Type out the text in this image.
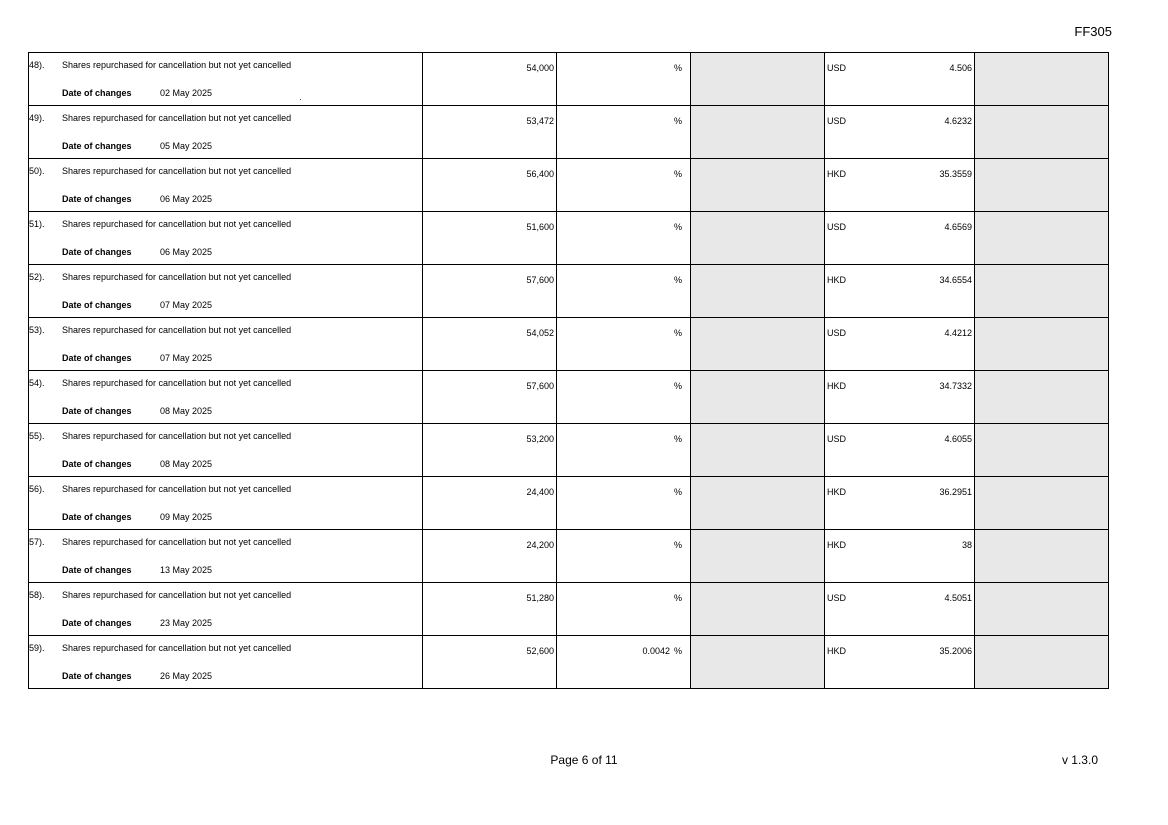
FF305
48). Shares repurchased for cancellation but not yet cancelled
Date of changes 02 May 2025	54,000	%		USD 4.506	

49). Shares repurchased for cancellation but not yet cancelled
Date of changes 05 May 2025	53,472	%		USD 4.6232	

50). Shares repurchased for cancellation but not yet cancelled
Date of changes 06 May 2025	56,400	%		HKD 35.3559	

51). Shares repurchased for cancellation but not yet cancelled
Date of changes 06 May 2025	51,600	%		USD 4.6569	

52). Shares repurchased for cancellation but not yet cancelled
Date of changes 07 May 2025	57,600	%		HKD 34.6554	

53). Shares repurchased for cancellation but not yet cancelled
Date of changes 07 May 2025	54,052	%		USD 4.4212	

54). Shares repurchased for cancellation but not yet cancelled
Date of changes 08 May 2025	57,600	%		HKD 34.7332	

55). Shares repurchased for cancellation but not yet cancelled
Date of changes 08 May 2025	53,200	%		USD 4.6055	

56). Shares repurchased for cancellation but not yet cancelled
Date of changes 09 May 2025	24,400	%		HKD 36.2951	

57). Shares repurchased for cancellation but not yet cancelled
Date of changes 13 May 2025	24,200	%		HKD 38	

58). Shares repurchased for cancellation but not yet cancelled
Date of changes 23 May 2025	51,280	%		USD 4.5051	

59). Shares repurchased for cancellation but not yet cancelled
Date of changes 26 May 2025	52,600	0.0042 %		HKD 35.2006	

Page 6 of 11	v 1.3.0
